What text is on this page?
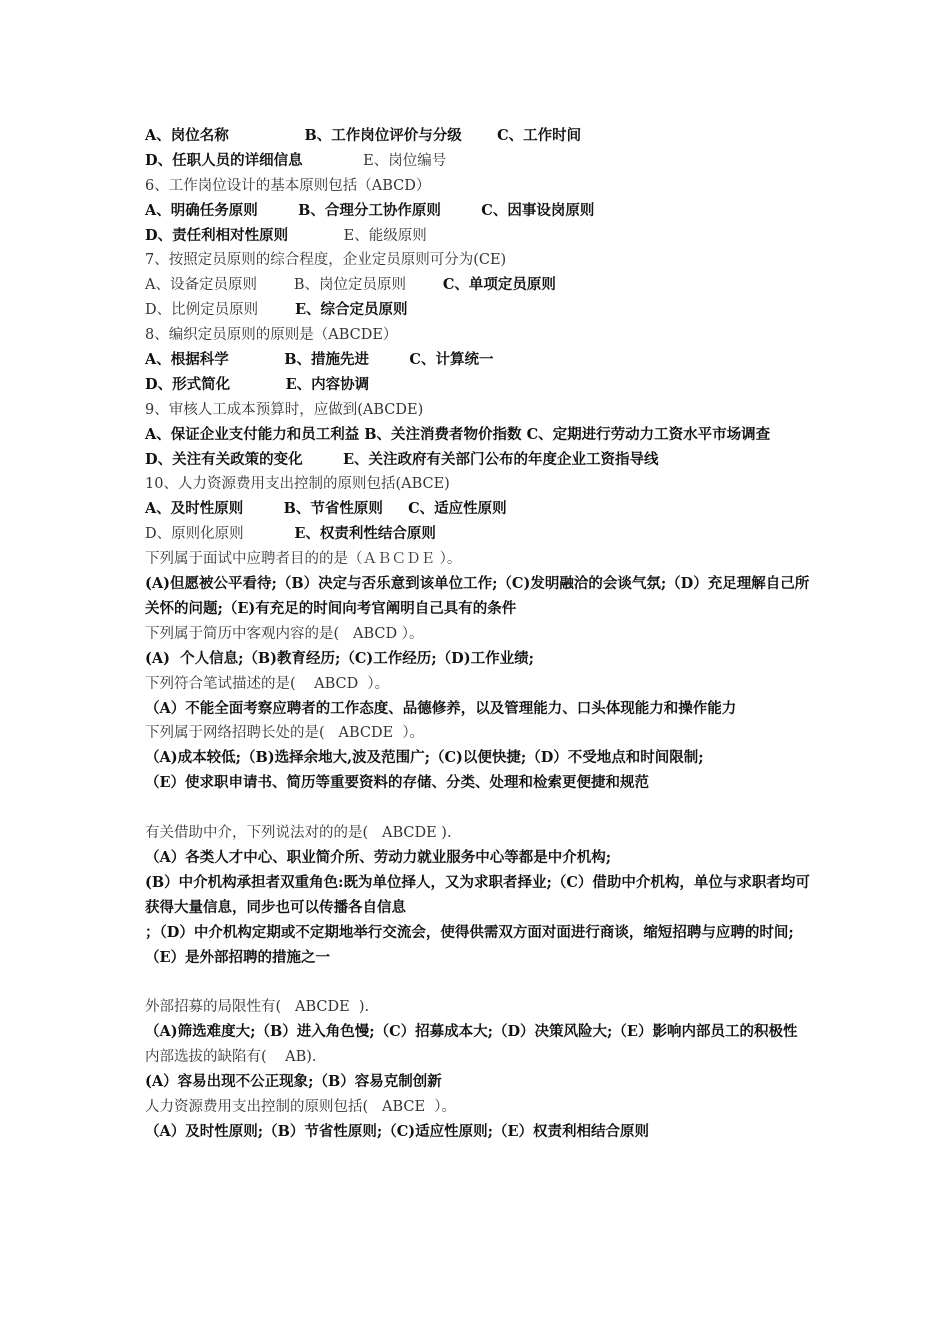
A、岗位名称               B、工作岗位评价与分级       C、工作时间
D、任职人员的详细信息            E、岗位编号
6、工作岗位设计的基本原则包括（ABCD）
A、明确任务原则        B、合理分工协作原则        C、因事设岗原则
D、责任利相对性原则           E、能级原则
7、按照定员原则的综合程度，企业定员原则可分为(CE)
A、设备定员原则        B、岗位定员原则        C、单项定员原则
D、比例定员原则        E、综合定员原则
8、编织定员原则的原则是（ABCDE）
A、根据科学           B、措施先进        C、计算统一
D、形式简化           E、内容协调
9、审核人工成本预算时，应做到(ABCDE)
A、保证企业支付能力和员工利益 B、关注消费者物价指数 C、定期进行劳动力工资水平市场调查
D、关注有关政策的变化        E、关注政府有关部门公布的年度企业工资指导线
10、人力资源费用支出控制的原则包括(ABCE)
A、及时性原则        B、节省性原则     C、适应性原则
D、原则化原则           E、权责利性结合原则
下列属于面试中应聘者目的的是（ＡＢＣＤＥ ）。
(A)但愿被公平看待;（B）决定与否乐意到该单位工作;（C)发明融洽的会谈气氛;（D）充足理解自己所关怀的问题;（E)有充足的时间向考官阐明自己具有的条件
下列属于简历中客观内容的是(   ABCD ）。
(A)  个人信息;（B)教育经历;（C)工作经历;（D)工作业绩;
下列符合笔试描述的是(    ABCD  ）。
（A）不能全面考察应聘者的工作态度、品德修养，以及管理能力、口头体现能力和操作能力
下列属于网络招聘长处的是(   ABCDE  ）。
（A)成本较低;（B)选择余地大,波及范围广;（C)以便快捷;（D）不受地点和时间限制;
（E）使求职申请书、简历等重要资料的存储、分类、处理和检索更便捷和规范
有关借助中介，下列说法对的的是(   ABCDE ).
（A）各类人才中心、职业简介所、劳动力就业服务中心等都是中介机构;
(B）中介机构承担者双重角色:既为单位择人，又为求职者择业;（C）借助中介机构，单位与求职者均可获得大量信息，同步也可以传播各自信息
；（D）中介机构定期或不定期地举行交流会，使得供需双方面对面进行商谈，缩短招聘与应聘的时间;（E）是外部招聘的措施之一
外部招募的局限性有(   ABCDE  ).
（A)筛选难度大;（B）进入角色慢;（C）招募成本大;（D）决策风险大;（E）影响内部员工的积极性
内部选拔的缺陷有(    AB).
(A）容易出现不公正现象;（B）容易克制创新
人力资源费用支出控制的原则包括(   ABCE  ）。
（A）及时性原则;（B）节省性原则;（C)适应性原则;（E）权责利相结合原则
